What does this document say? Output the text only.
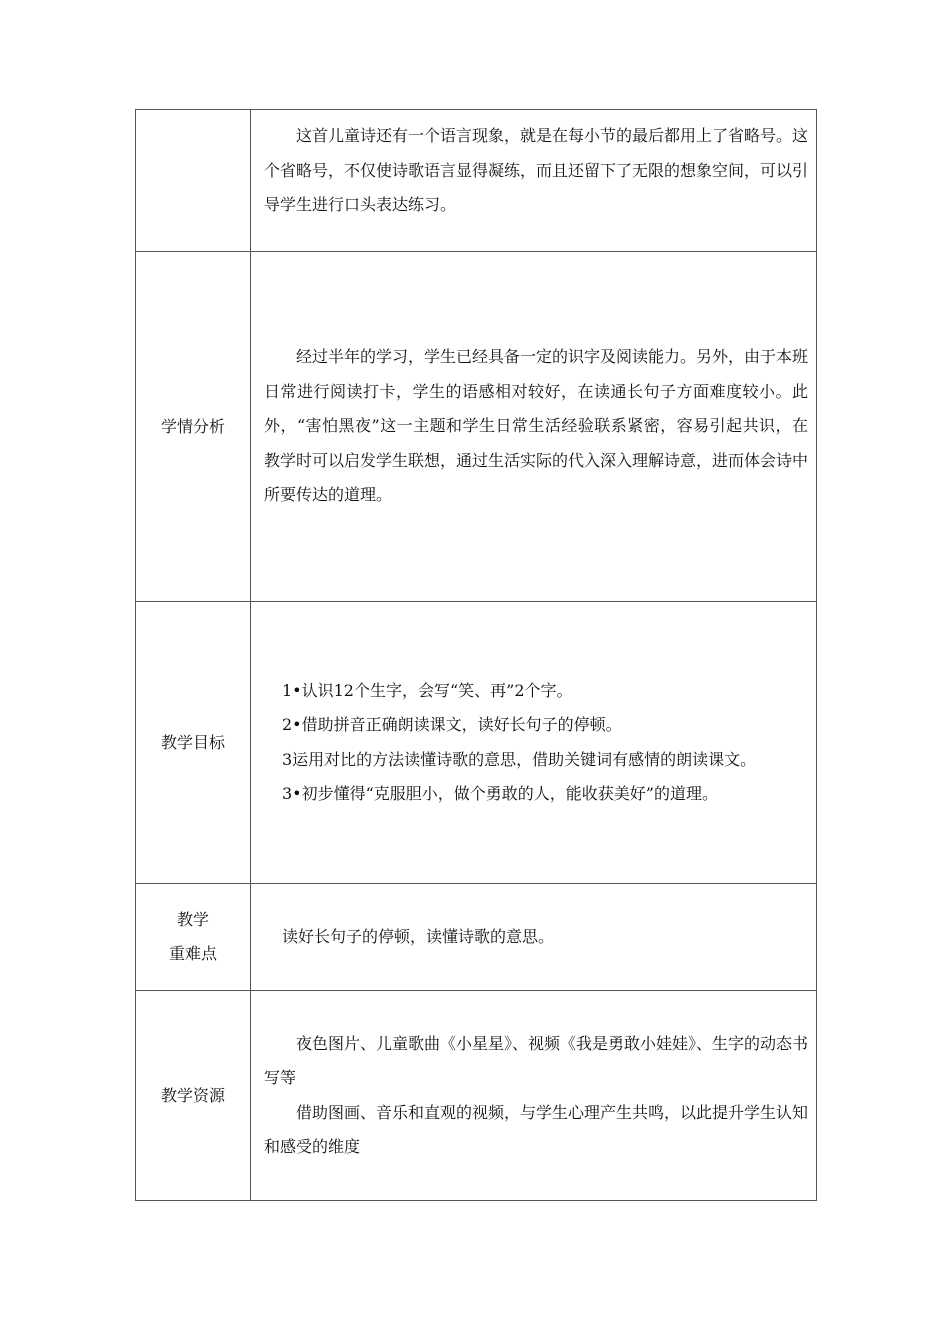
	这首儿童诗还有一个语言现象，就是在每小节的最后都用上了省略号。这个省略号，不仅使诗歌语言显得凝练，而且还留下了无限的想象空间，可以引导学生进行口头表达练习。

学情分析	经过半年的学习，学生已经具备一定的识字及阅读能力。另外，由于本班日常进行阅读打卡，学生的语感相对较好，在读通长句子方面难度较小。此外，“害怕黑夜”这一主题和学生日常生活经验联系紧密，容易引起共识，在教学时可以启发学生联想，通过生活实际的代入深入理解诗意，进而体会诗中所要传达的道理。

教学目标	1•认识12个生字，会写“笑、再”2个字。

2•借助拼音正确朗读课文，读好长句子的停顿。

3运用对比的方法读懂诗歌的意思，借助关键词有感情的朗读课文。

3•初步懂得“克服胆小，做个勇敢的人，能收获美好”的道理。

教学
重难点	读好长句子的停顿，读懂诗歌的意思。

教学资源	夜色图片、儿童歌曲《小星星》、视频《我是勇敢小娃娃》、生字的动态书写等

借助图画、音乐和直观的视频，与学生心理产生共鸣，以此提升学生认知和感受的维度
